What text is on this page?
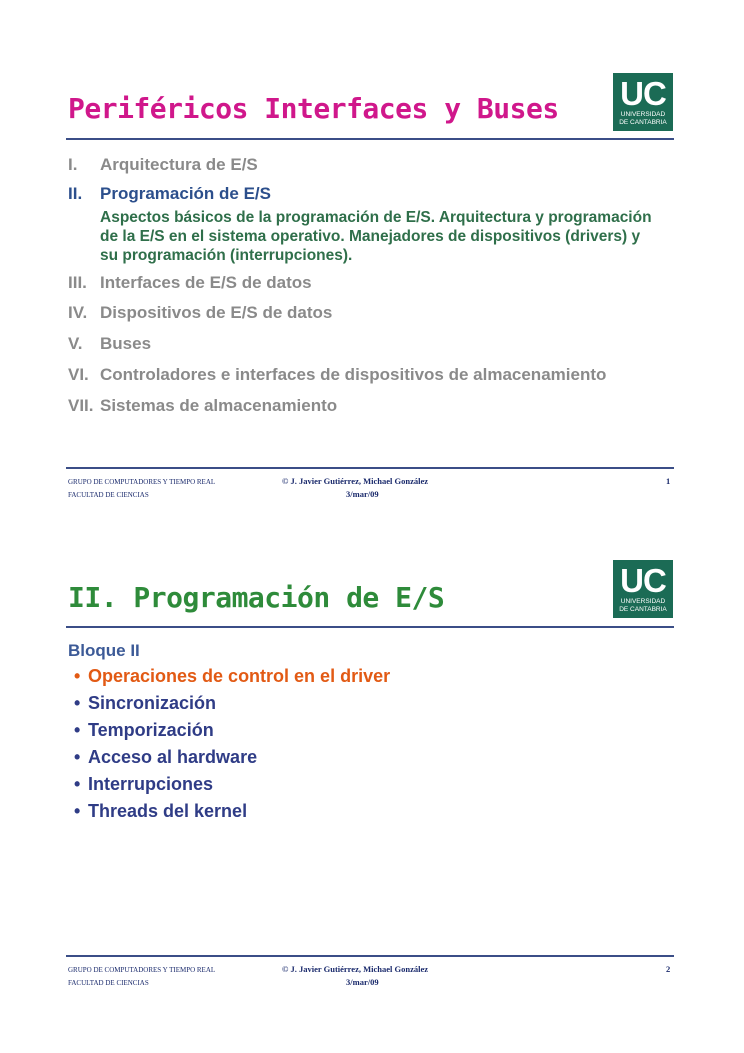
Periféricos Interfaces y Buses UC
UNIVERSIDAD
DE CANTABRIA
I. Arquitectura de E/S
II. Programación de E/S
Aspectos básicos de la programación de E/S. Arquitectura y programación de la E/S en el sistema operativo. Manejadores de dispositivos (drivers) y su programación (interrupciones).
III. Interfaces de E/S de datos
IV. Dispositivos de E/S de datos
V. Buses
VI. Controladores e interfaces de dispositivos de almacenamiento
VII. Sistemas de almacenamiento
GRUPO DE COMPUTADORES Y TIEMPO REAL
FACULTAD DE CIENCIAS
© J. Javier Gutiérrez, Michael González
3/mar/09
1
II. Programación de E/S	UC
UNIVERSIDAD
DE CANTABRIA
Bloque II
• Operaciones de control en el driver
• Sincronización
• Temporización
• Acceso al hardware
• Interrupciones
• Threads del kernel
GRUPO DE COMPUTADORES Y TIEMPO REAL
FACULTAD DE CIENCIAS
© J. Javier Gutiérrez, Michael González
3/mar/09
2
